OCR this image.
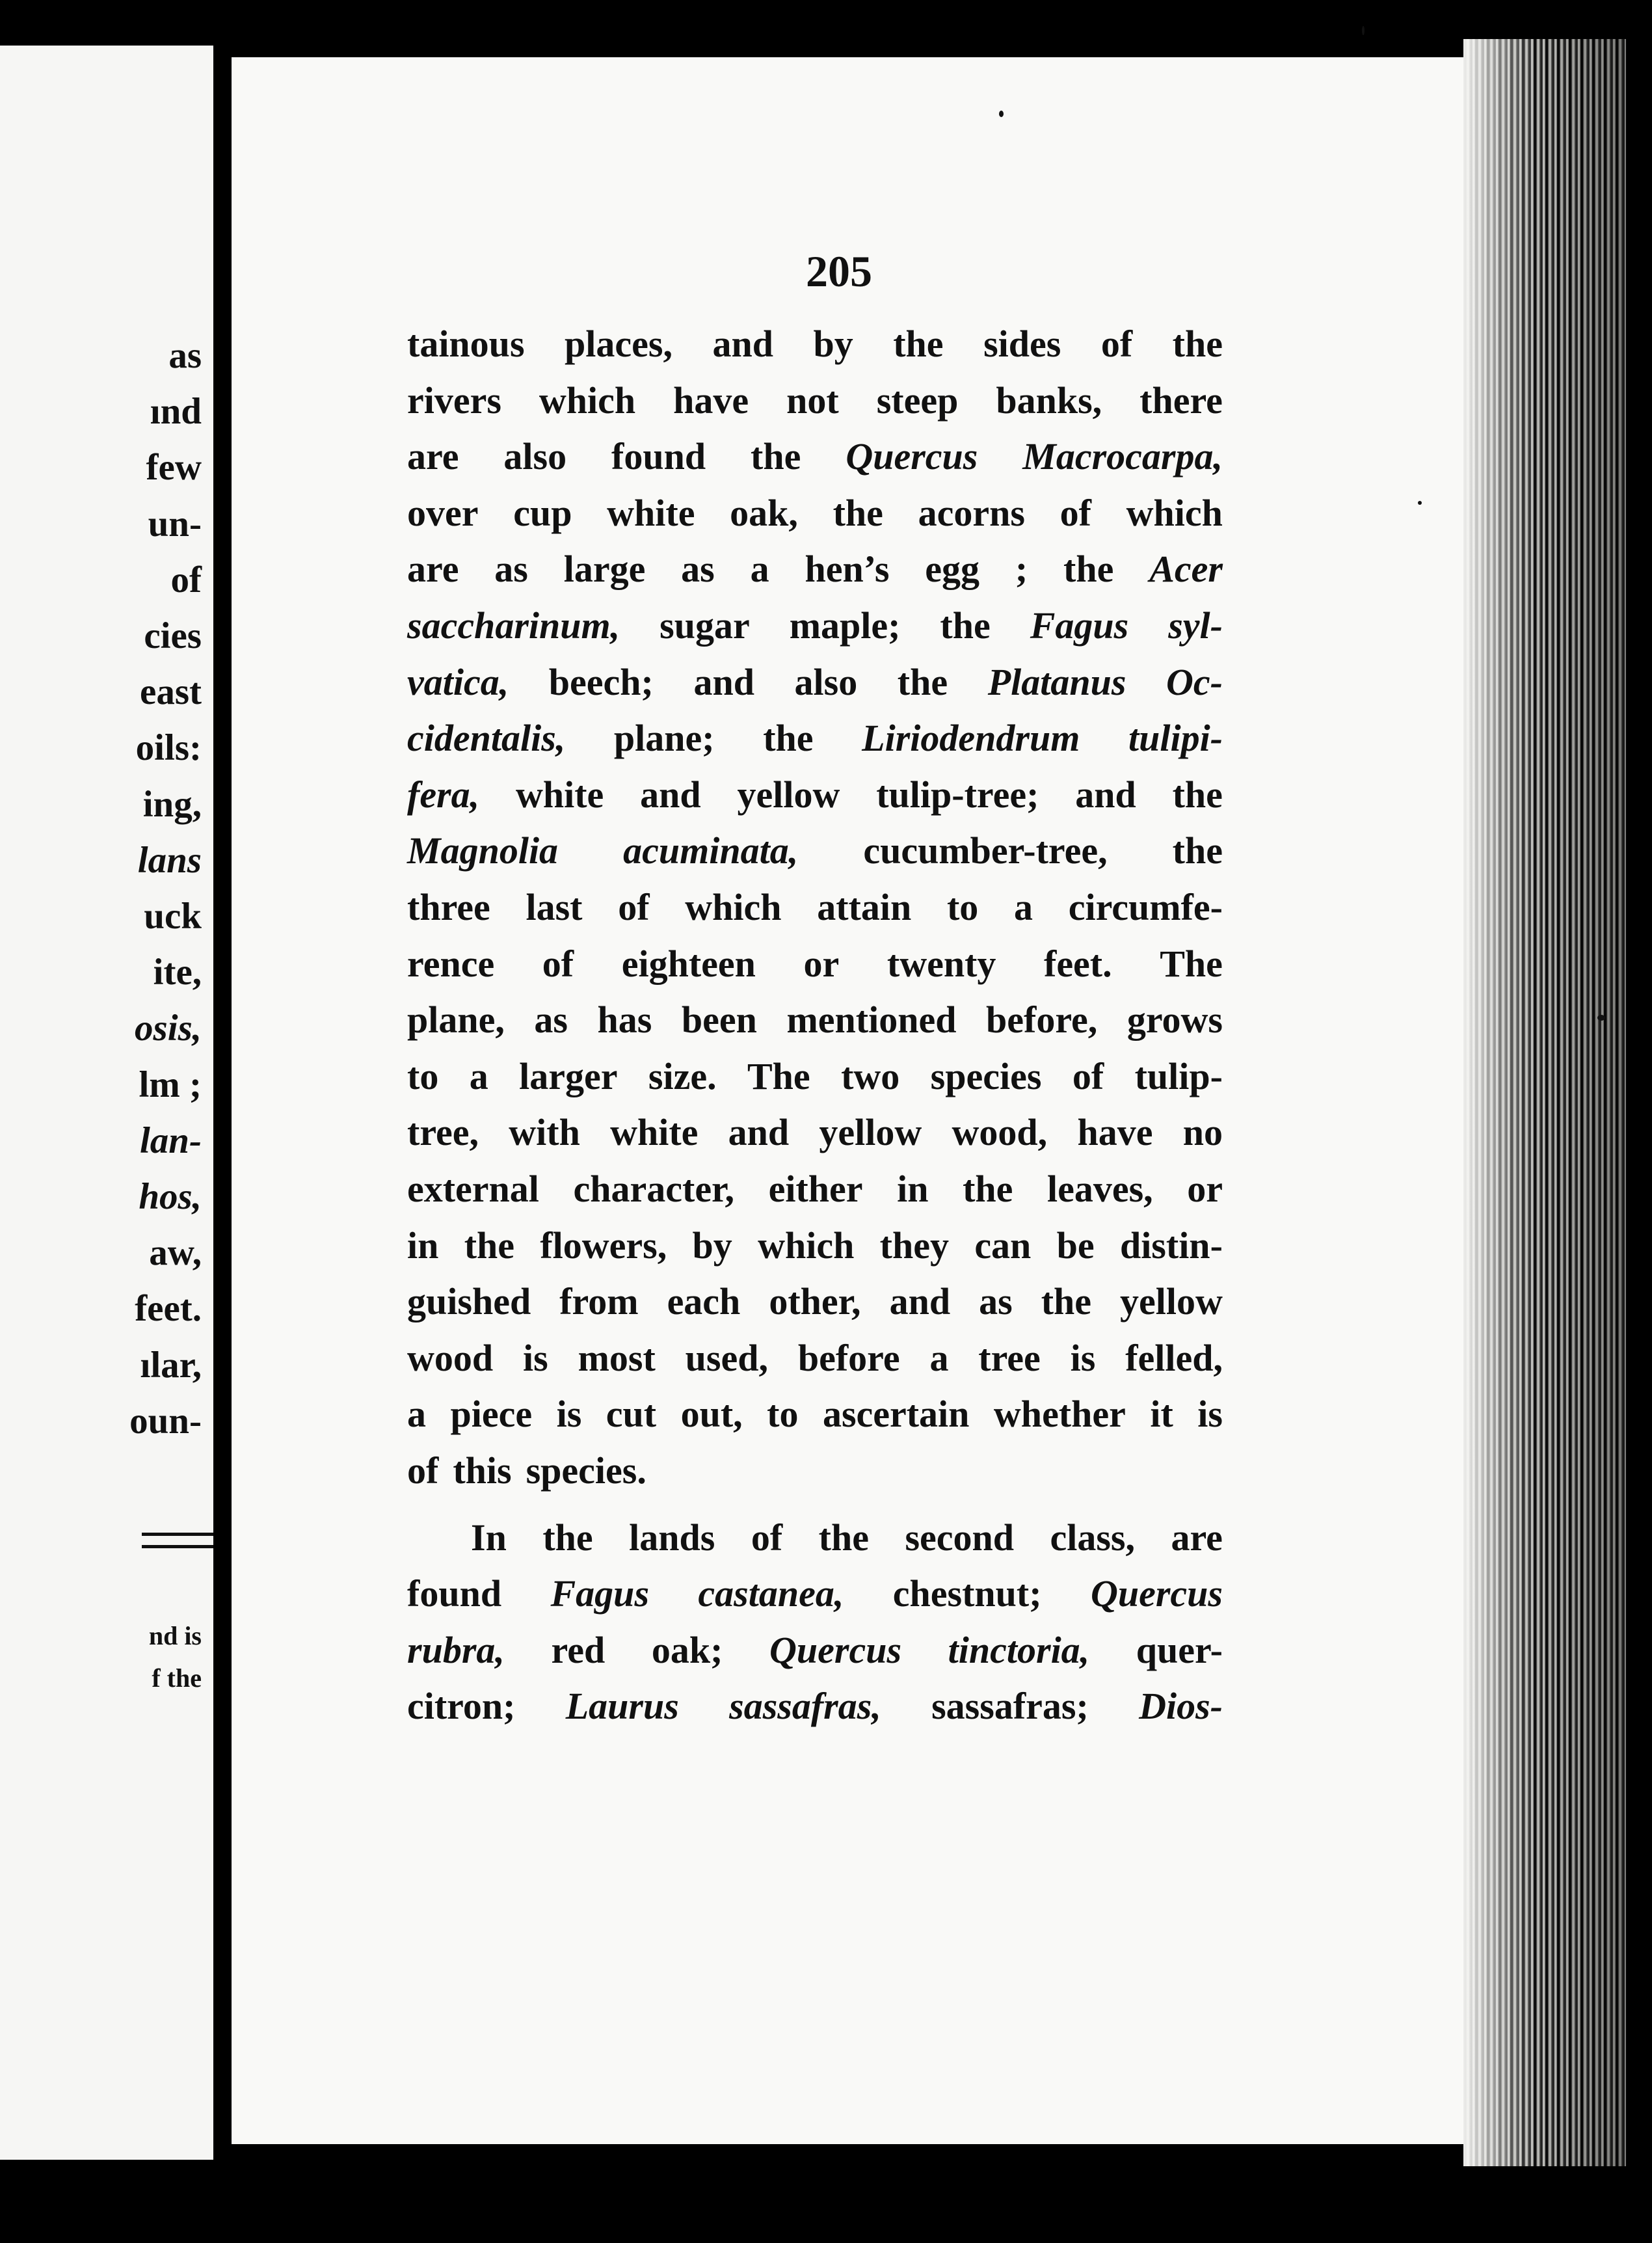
as
ınd
few
un-
of
cies
east
oils:
ing,
lans
uck
ite,
osis,
lm ;
lan-
hos,
aw,
feet.
ılar,
oun-
nd is
f the
205
tainous places, and by the sides of the
rivers which have not steep banks, there
are also found the Quercus Macrocarpa,
over cup white oak, the acorns of which
are as large as a hen’s egg ; the Acer
saccharinum, sugar maple; the Fagus syl-
vatica, beech; and also the Platanus Oc-
cidentalis, plane; the Liriodendrum tulipi-
fera, white and yellow tulip-tree; and the
Magnolia acuminata, cucumber-tree, the
three last of which attain to a circumfe-
rence of eighteen or twenty feet. The
plane, as has been mentioned before, grows
to a larger size. The two species of tulip-
tree, with white and yellow wood, have no
external character, either in the leaves, or
in the flowers, by which they can be distin-
guished from each other, and as the yellow
wood is most used, before a tree is felled,
a piece is cut out, to ascertain whether it is
of this species.
In the lands of the second class, are
found Fagus castanea, chestnut; Quercus
rubra, red oak; Quercus tinctoria, quer-
citron; Laurus sassafras, sassafras; Dios-
